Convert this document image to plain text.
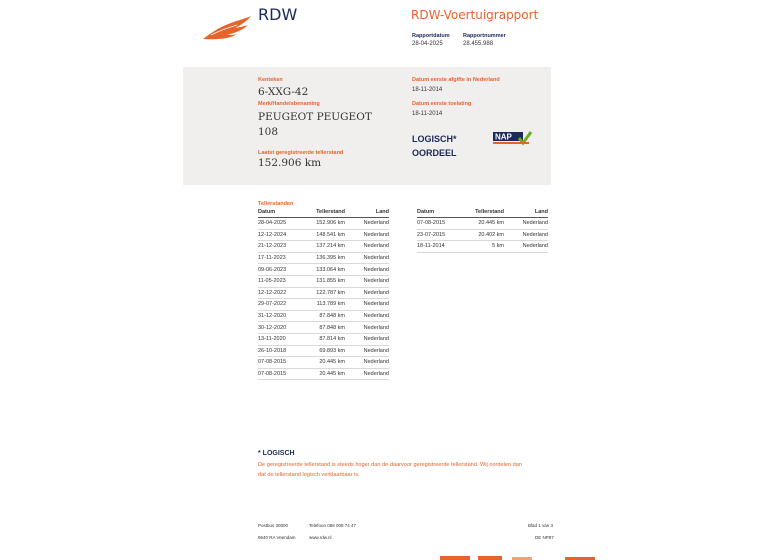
RDW	RDW-Voertuigrapport
Rapportdatum
28-04-2025
Rapportnummer
28.455.988
Kenteken
6-XXG-42
Merk/Handelsbenaming
PEUGEOT PEUGEOT
108
Laatst geregistreerde tellerstand
152.906 km
Datum eerste afgifte in Nederland
18-11-2014
Datum eerste toelating
18-11-2014
LOGISCH*
OORDEEL
NAP
Tellerstanden
Datum	Tellerstand	Land
28-04-2025	152.906 km	Nederland
12-12-2024	148.541 km	Nederland
21-12-2023	137.214 km	Nederland
17-11-2023	136.395 km	Nederland
09-06-2023	133.064 km	Nederland
11-05-2023	131.855 km	Nederland
12-12-2022	122.787 km	Nederland
29-07-2022	113.789 km	Nederland
31-12-2020	87.848 km	Nederland
30-12-2020	87.848 km	Nederland
13-11-2020	87.814 km	Nederland
26-10-2018	69.893 km	Nederland
07-08-2015	20.445 km	Nederland
07-08-2015	20.445 km	Nederland
Datum	Tellerstand	Land
07-08-2015	20.445 km	Nederland
23-07-2015	20.402 km	Nederland
18-11-2014	5 km	Nederland
* LOGISCH
De geregistreerde tellerstand is steeds hoger dan de daarvoor geregistreerde tellerstand. Wij oordelen dan
dat de tellerstand logisch verklaarbaar is.
Postbus 30000
9640 RA Veendam
Telefoon 088 008 74 47
www.rdw.nl
Blad 1 van 3
DE NP97
